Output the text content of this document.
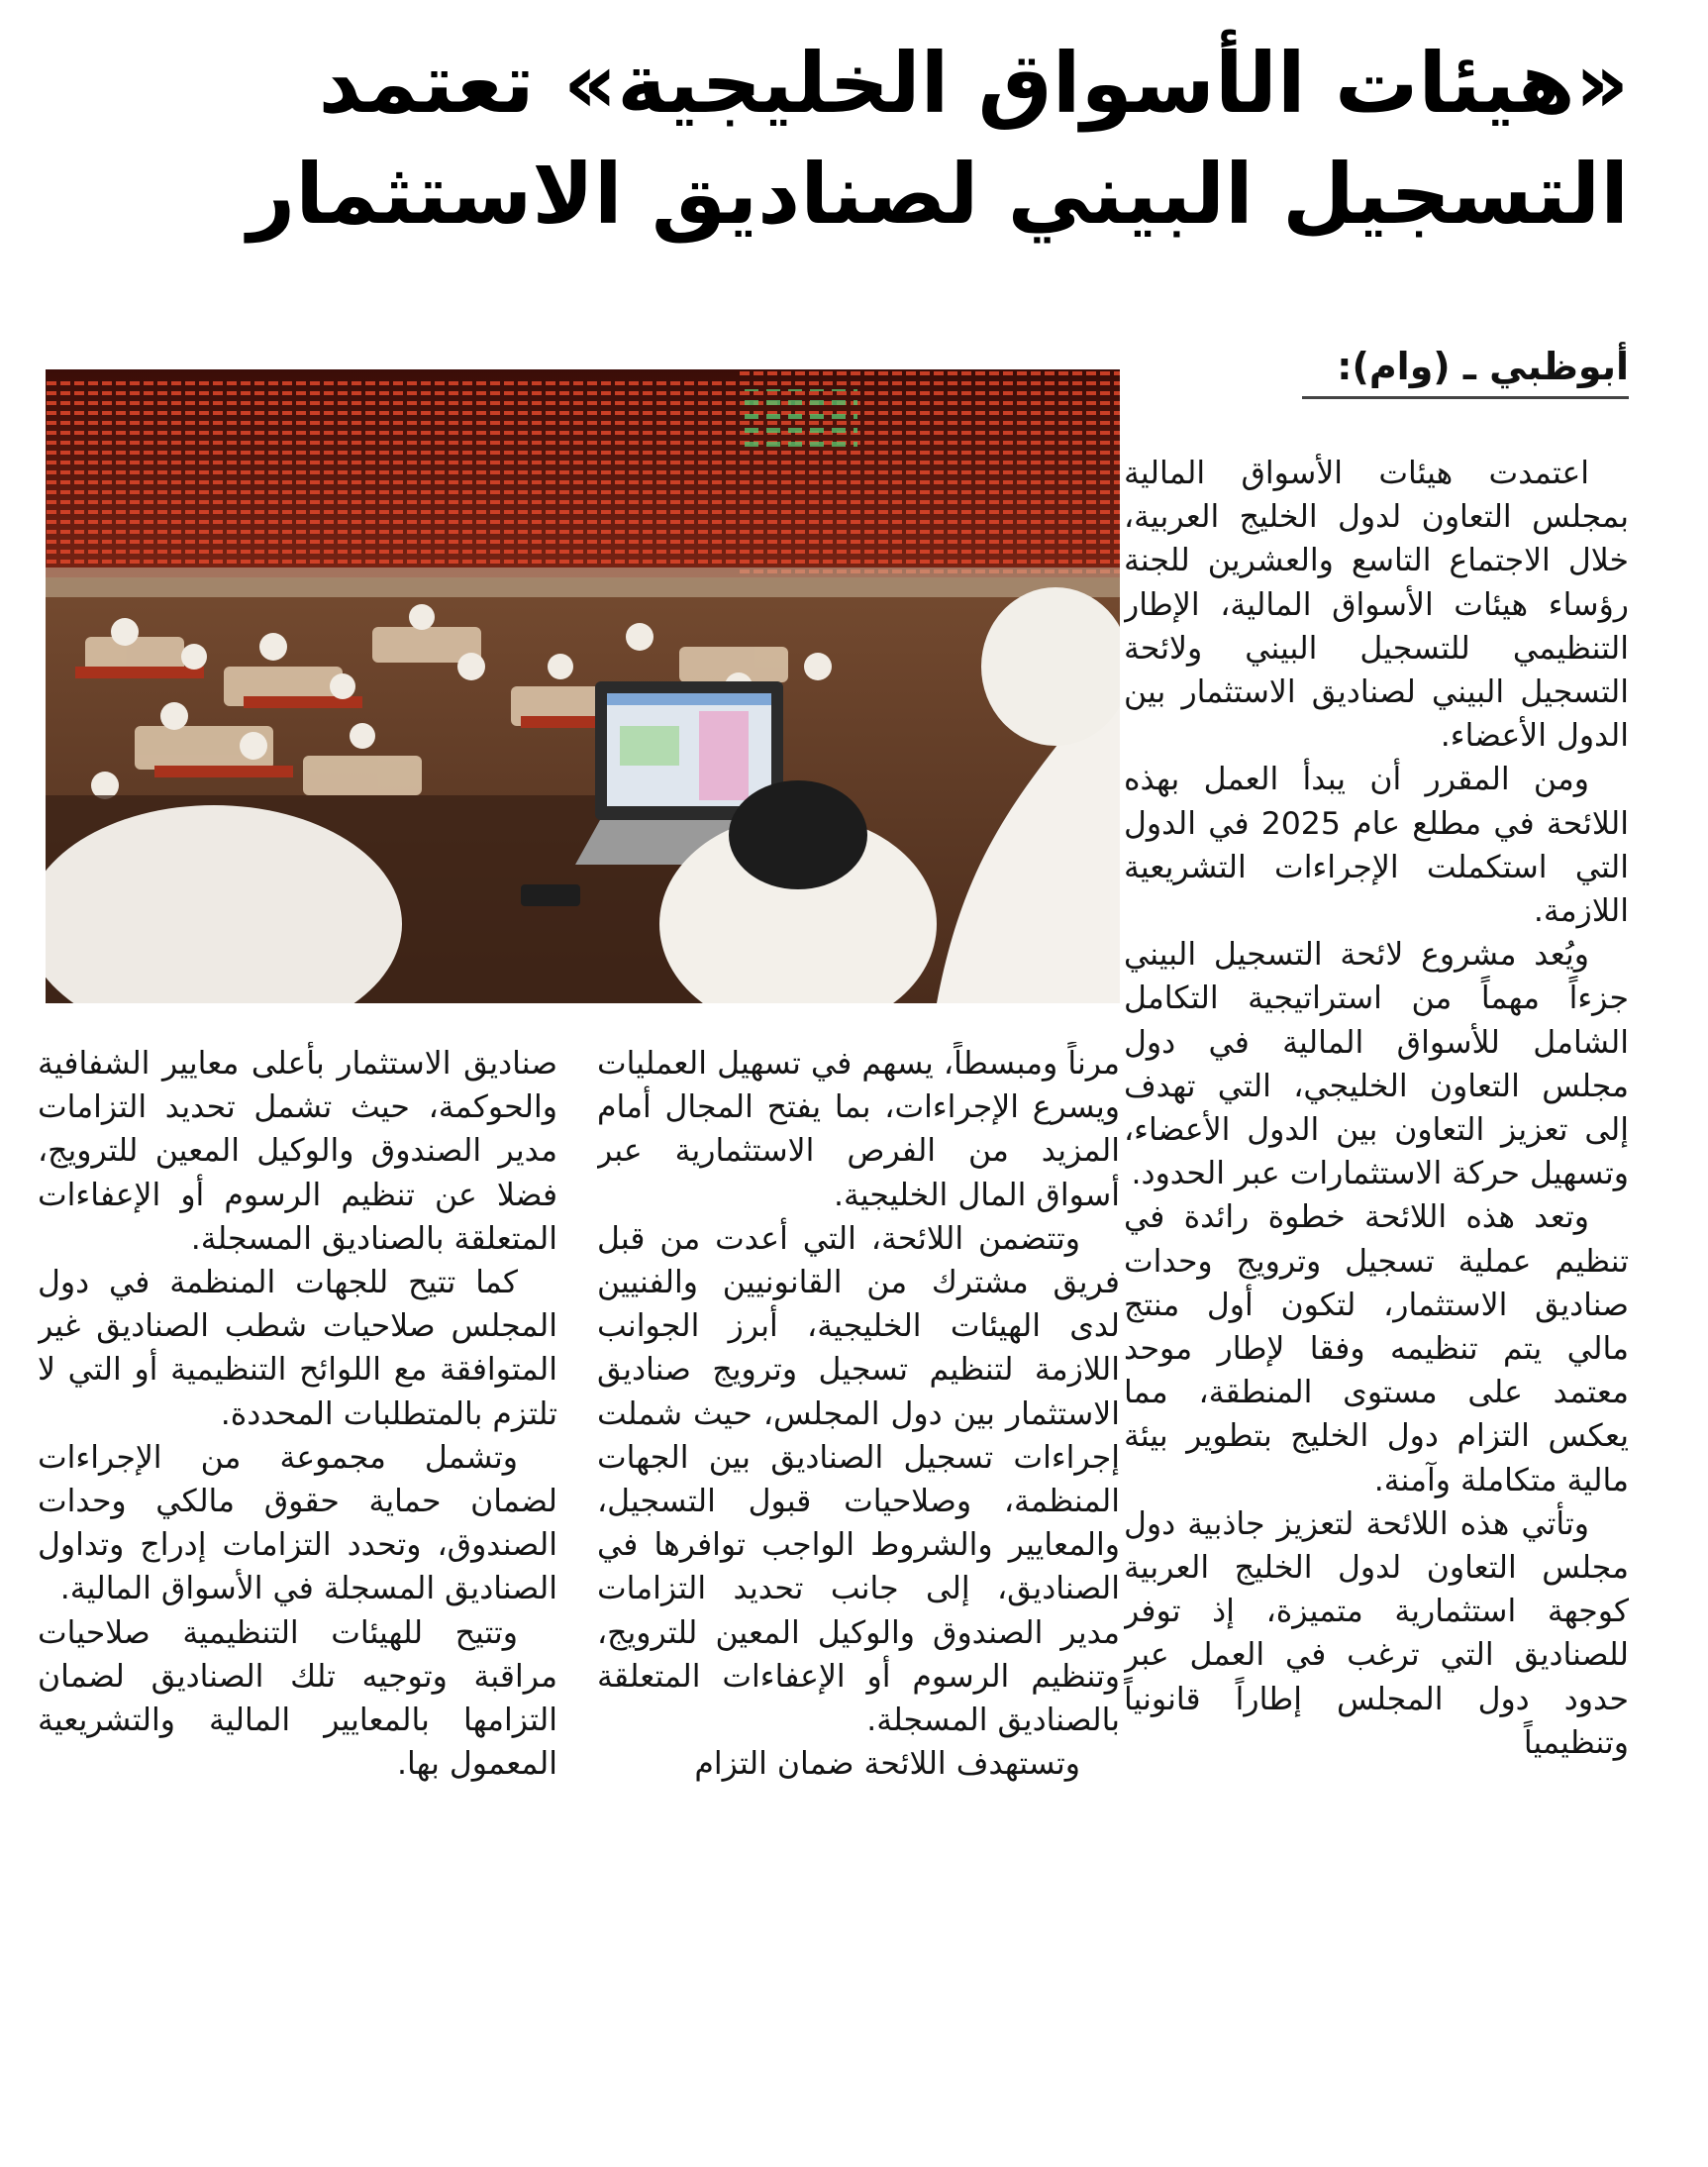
«هيئات الأسواق الخليجية» تعتمد التسجيل البيني لصناديق الاستثمار
أبوظبي ـ (وام):

اعتمدت هيئات الأسواق المالية بمجلس التعاون لدول الخليج العربية، خلال الاجتماع التاسع والعشرين للجنة رؤساء هيئات الأسواق المالية، الإطار التنظيمي للتسجيل البيني ولائحة التسجيل البيني لصناديق الاستثمار بين الدول الأعضاء.

ومن المقرر أن يبدأ العمل بهذه اللائحة في مطلع عام 2025 في الدول التي استكملت الإجراءات التشريعية اللازمة.

ويُعد مشروع لائحة التسجيل البيني جزءاً مهماً من استراتيجية التكامل الشامل للأسواق المالية في دول مجلس التعاون الخليجي، التي تهدف إلى تعزيز التعاون بين الدول الأعضاء، وتسهيل حركة الاستثمارات عبر الحدود.

وتعد هذه اللائحة خطوة رائدة في تنظيم عملية تسجيل وترويج وحدات صناديق الاستثمار، لتكون أول منتج مالي يتم تنظيمه وفقا لإطار موحد معتمد على مستوى المنطقة، مما يعكس التزام دول الخليج بتطوير بيئة مالية متكاملة وآمنة.

وتأتي هذه اللائحة لتعزيز جاذبية دول مجلس التعاون لدول الخليج العربية كوجهة استثمارية متميزة، إذ توفر للصناديق التي ترغب في العمل عبر حدود دول المجلس إطاراً قانونياً وتنظيمياً

مرناً ومبسطاً، يسهم في تسهيل العمليات ويسرع الإجراءات، بما يفتح المجال أمام المزيد من الفرص الاستثمارية عبر أسواق المال الخليجية.

وتتضمن اللائحة، التي أعدت من قبل فريق مشترك من القانونيين والفنيين لدى الهيئات الخليجية، أبرز الجوانب اللازمة لتنظيم تسجيل وترويج صناديق الاستثمار بين دول المجلس، حيث شملت إجراءات تسجيل الصناديق بين الجهات المنظمة، وصلاحيات قبول التسجيل، والمعايير والشروط الواجب توافرها في الصناديق، إلى جانب تحديد التزامات مدير الصندوق والوكيل المعين للترويج، وتنظيم الرسوم أو الإعفاءات المتعلقة بالصناديق المسجلة.

وتستهدف اللائحة ضمان التزام

صناديق الاستثمار بأعلى معايير الشفافية والحوكمة، حيث تشمل تحديد التزامات مدير الصندوق والوكيل المعين للترويج، فضلا عن تنظيم الرسوم أو الإعفاءات المتعلقة بالصناديق المسجلة.

كما تتيح للجهات المنظمة في دول المجلس صلاحيات شطب الصناديق غير المتوافقة مع اللوائح التنظيمية أو التي لا تلتزم بالمتطلبات المحددة.

وتشمل مجموعة من الإجراءات لضمان حماية حقوق مالكي وحدات الصندوق، وتحدد التزامات إدراج وتداول الصناديق المسجلة في الأسواق المالية.

وتتيح للهيئات التنظيمية صلاحيات مراقبة وتوجيه تلك الصناديق لضمان التزامها بالمعايير المالية والتشريعية المعمول بها.
